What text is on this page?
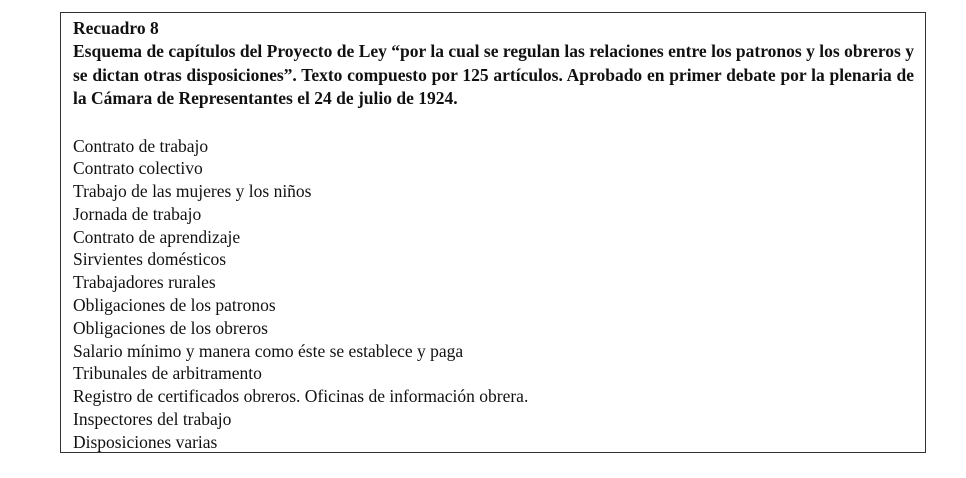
Recuadro 8

Esquema de capítulos del Proyecto de Ley “por la cual se regulan las relaciones entre los patronos y los obreros y se dictan otras disposiciones”. Texto compuesto por 125 artículos. Aprobado en primer debate por la plenaria de la Cámara de Representantes el 24 de julio de 1924.

Contrato de trabajo
Contrato colectivo
Trabajo de las mujeres y los niños
Jornada de trabajo
Contrato de aprendizaje
Sirvientes domésticos
Trabajadores rurales
Obligaciones de los patronos
Obligaciones de los obreros
Salario mínimo y manera como éste se establece y paga
Tribunales de arbitramento
Registro de certificados obreros. Oficinas de información obrera.
Inspectores del trabajo
Disposiciones varias
